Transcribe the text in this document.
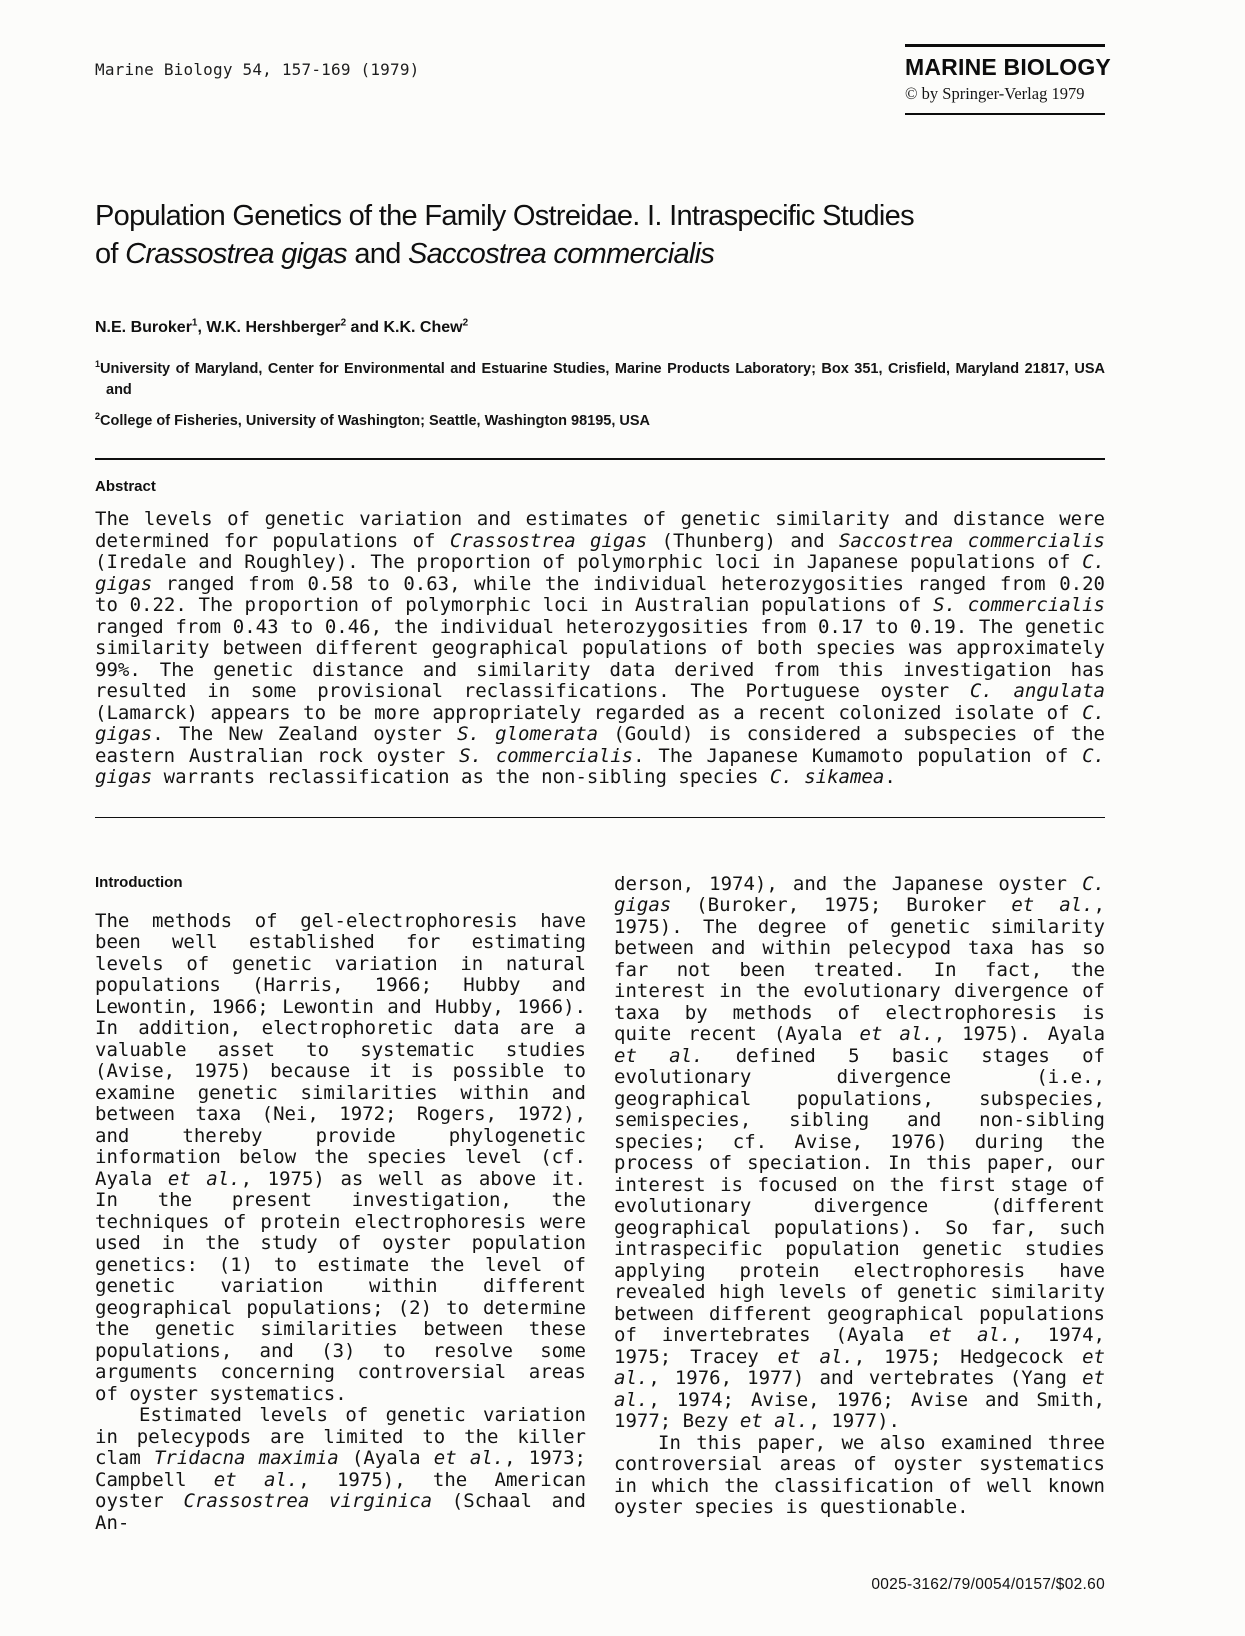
Marine Biology 54, 157-169 (1979)	MARINE BIOLOGY
© by Springer-Verlag 1979
Population Genetics of the Family Ostreidae. I. Intraspecific Studies
of Crassostrea gigas and Saccostrea commercialis
N.E. Buroker$^1$, W.K. Hershberger$^2$ and K.K. Chew$^2$
$^1$University of Maryland, Center for Environmental and Estuarine Studies, Marine Products Laboratory; Box 351, Crisfield, Maryland 21817, USA and
$^2$College of Fisheries, University of Washington; Seattle, Washington 98195, USA
Abstract

The levels of genetic variation and estimates of genetic similarity and distance were determined for populations of Crassostrea gigas (Thunberg) and Saccostrea commercialis (Iredale and Roughley). The proportion of polymorphic loci in Japanese populations of C. gigas ranged from 0.58 to 0.63, while the individual heterozygosities ranged from 0.20 to 0.22. The proportion of polymorphic loci in Australian populations of S. commercialis ranged from 0.43 to 0.46, the individual heterozygosities from 0.17 to 0.19. The genetic similarity between different geographical populations of both species was approximately 99%. The genetic distance and similarity data derived from this investigation has resulted in some provisional reclassifications. The Portuguese oyster C. angulata (Lamarck) appears to be more appropriately regarded as a recent colonized isolate of C. gigas. The New Zealand oyster S. glomerata (Gould) is considered a subspecies of the eastern Australian rock oyster S. commercialis. The Japanese Kumamoto population of C. gigas warrants reclassification as the non-sibling species C. sikamea.

Introduction

The methods of gel-electrophoresis have been well established for estimating levels of genetic variation in natural populations (Harris, 1966; Hubby and Lewontin, 1966; Lewontin and Hubby, 1966). In addition, electrophoretic data are a valuable asset to systematic studies (Avise, 1975) because it is possible to examine genetic similarities within and between taxa (Nei, 1972; Rogers, 1972), and thereby provide phylogenetic information below the species level (cf. Ayala et al., 1975) as well as above it. In the present investigation, the techniques of protein electrophoresis were used in the study of oyster population genetics: (1) to estimate the level of genetic variation within different geographical populations; (2) to determine the genetic similarities between these populations, and (3) to resolve some arguments concerning controversial areas of oyster systematics.

Estimated levels of genetic variation in pelecypods are limited to the killer clam Tridacna maximia (Ayala et al., 1973; Campbell et al., 1975), the American oyster Crassostrea virginica (Schaal and An-

derson, 1974), and the Japanese oyster C. gigas (Buroker, 1975; Buroker et al., 1975). The degree of genetic similarity between and within pelecypod taxa has so far not been treated. In fact, the interest in the evolutionary divergence of taxa by methods of electrophoresis is quite recent (Ayala et al., 1975). Ayala et al. defined 5 basic stages of evolutionary divergence (i.e., geographical populations, subspecies, semispecies, sibling and non-sibling species; cf. Avise, 1976) during the process of speciation. In this paper, our interest is focused on the first stage of evolutionary divergence (different geographical populations). So far, such intraspecific population genetic studies applying protein electrophoresis have revealed high levels of genetic similarity between different geographical populations of invertebrates (Ayala et al., 1974, 1975; Tracey et al., 1975; Hedgecock et al., 1976, 1977) and vertebrates (Yang et al., 1974; Avise, 1976; Avise and Smith, 1977; Bezy et al., 1977).

In this paper, we also examined three controversial areas of oyster systematics in which the classification of well known oyster species is questionable.

0025-3162/79/0054/0157/$02.60
